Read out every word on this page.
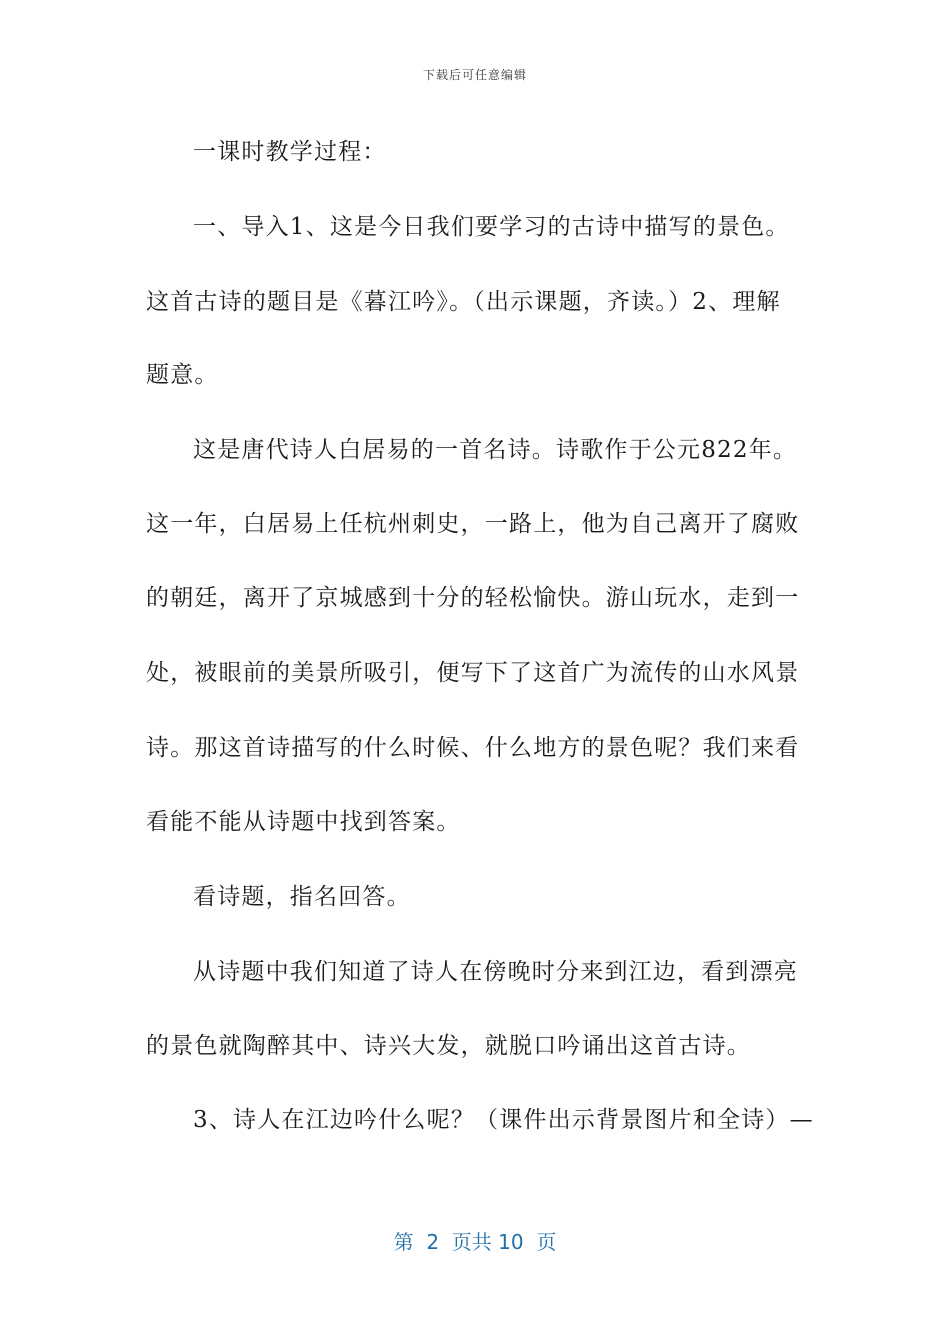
下载后可任意编辑
一课时教学过程：
一、导入1、这是今日我们要学习的古诗中描写的景色。
这首古诗的题目是《暮江吟》。（出示课题，齐读。）2、理解
题意。
这是唐代诗人白居易的一首名诗。诗歌作于公元822年。
这一年，白居易上任杭州刺史，一路上，他为自己离开了腐败
的朝廷，离开了京城感到十分的轻松愉快。游山玩水，走到一
处，被眼前的美景所吸引，便写下了这首广为流传的山水风景
诗。那这首诗描写的什么时候、什么地方的景色呢？我们来看
看能不能从诗题中找到答案。
看诗题，指名回答。
从诗题中我们知道了诗人在傍晚时分来到江边，看到漂亮
的景色就陶醉其中、诗兴大发，就脱口吟诵出这首古诗。
3、诗人在江边吟什么呢？（课件出示背景图片和全诗）—
第  2  页共 10  页
